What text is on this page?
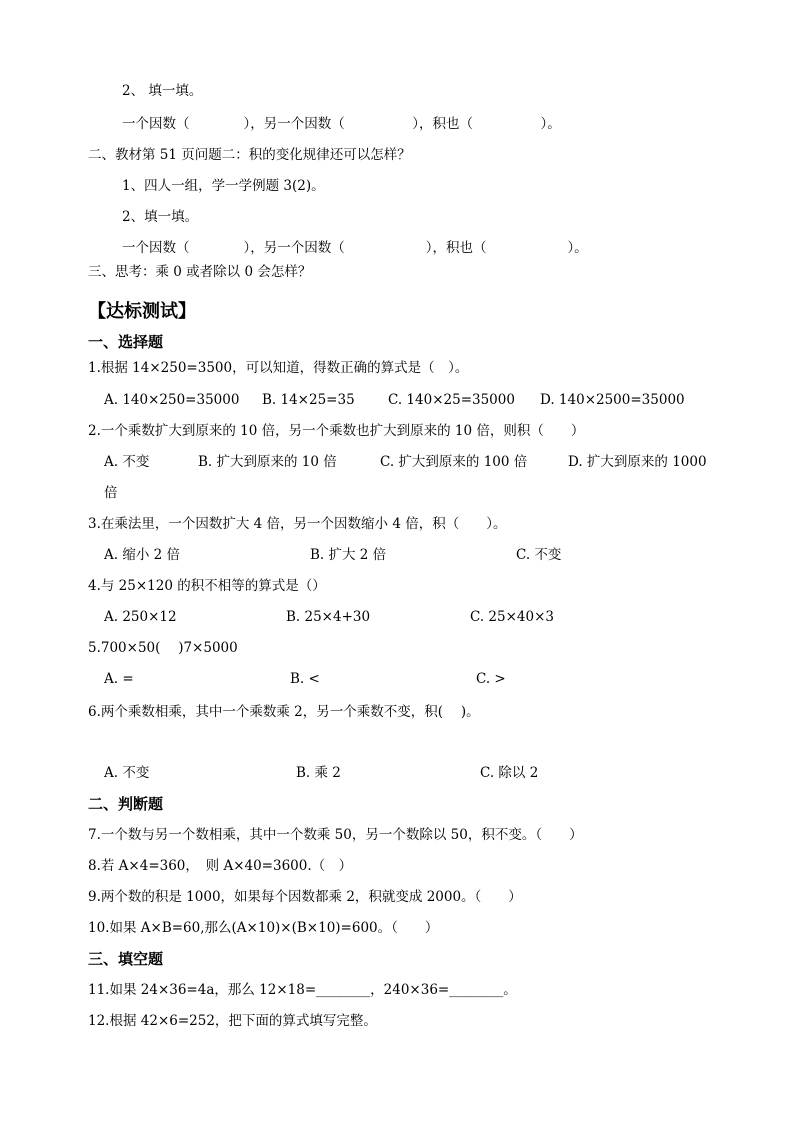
2、 填一填。
一个因数（　　　　），另一个因数（　　　　　），积也（　　　　　）。
二、教材第 51 页问题二：积的变化规律还可以怎样？
1、四人一组，学一学例题 3(2)。
2、填一填。
一个因数（　　　　），另一个因数（　　　　　　），积也（　　　　　　）。
三、思考：乘 0 或者除以 0 会怎样？
【达标测试】
一、选择题
1.根据 14×250=3500，可以知道，得数正确的算式是（　）。
A. 140×250=35000 B. 14×25=35 C. 140×25=35000 D. 140×2500=35000
2.一个乘数扩大到原来的 10 倍，另一个乘数也扩大到原来的 10 倍，则积（　　）
A. 不变	B. 扩大到原来的 10 倍	C. 扩大到原来的 100 倍	D. 扩大到原来的 1000
倍
3.在乘法里，一个因数扩大 4 倍，另一个因数缩小 4 倍，积（　　）。
A. 缩小 2 倍	B. 扩大 2 倍	C. 不变
4.与 25×120 的积不相等的算式是（）
A. 250×12	B. 25×4+30	C. 25×40×3
5.700×50(　 )7×5000
A. =	B. <	C. >
6.两个乘数相乘，其中一个乘数乘 2，另一个乘数不变，积(　 )。
A. 不变	B. 乘 2	C. 除以 2
二、判断题
7.一个数与另一个数相乘，其中一个数乘 50，另一个数除以 50，积不变。（　　）
8.若 A×4=360，　则 A×40=3600.（　）
9.两个数的积是 1000，如果每个因数都乘 2，积就变成 2000。（　　）
10.如果 A×B=60,那么(A×10)×(B×10)=600。（　　）
三、填空题
11.如果 24×36=4a，那么 12×18=________，240×36=________。
12.根据 42×6=252，把下面的算式填写完整。
